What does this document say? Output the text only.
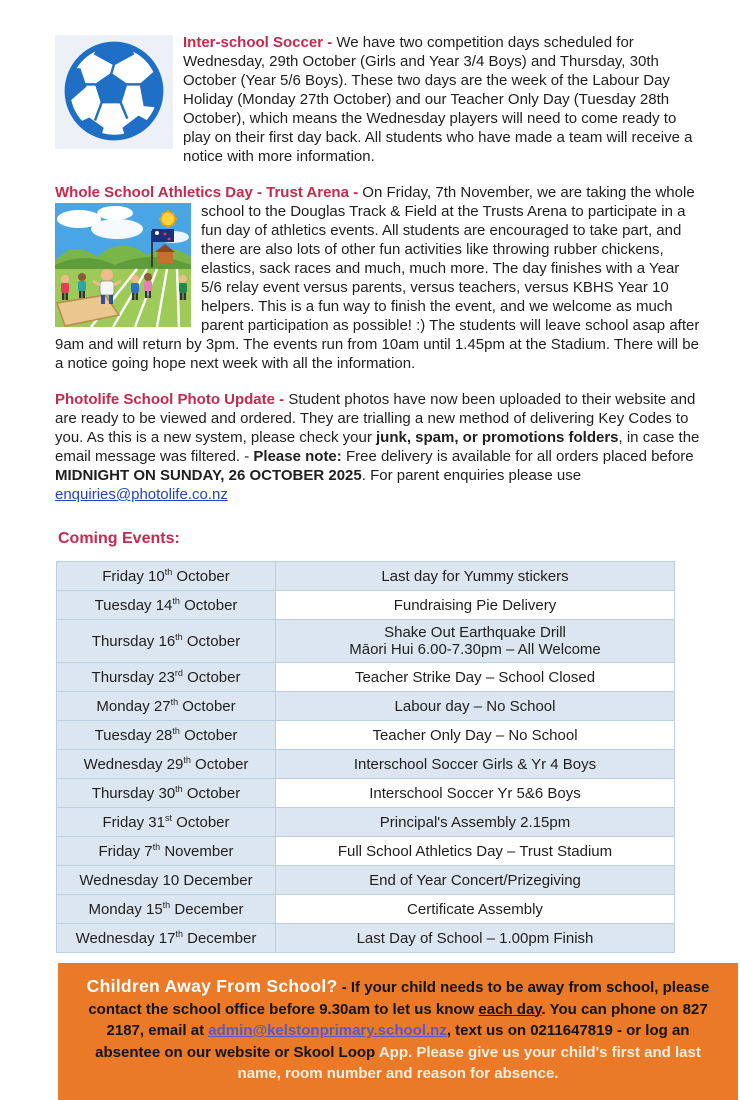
Inter-school Soccer - We have two competition days scheduled for Wednesday, 29th October (Girls and Year 3/4 Boys) and Thursday, 30th October (Year 5/6 Boys). These two days are the week of the Labour Day Holiday (Monday 27th October) and our Teacher Only Day (Tuesday 28th October), which means the Wednesday players will need to come ready to play on their first day back. All students who have made a team will receive a notice with more information.

Whole School Athletics Day - Trust Arena - On Friday, 7th November, we are taking the whole school to the Douglas Track & Field at the Trusts Arena to participate in a fun day of athletics events. All students are encouraged to take part, and there are also lots of other fun activities like throwing rubber chickens, elastics, sack races and much, much more. The day finishes with a Year 5/6 relay event versus parents, versus teachers, versus KBHS Year 10 helpers. This is a fun way to finish the event, and we welcome as much parent participation as possible! :) The students will leave school asap after 9am and will return by 3pm. The events run from 10am until 1.45pm at the Stadium. There will be a notice going hope next week with all the information.

Photolife School Photo Update - Student photos have now been uploaded to their website and are ready to be viewed and ordered. They are trialling a new method of delivering Key Codes to you. As this is a new system, please check your junk, spam, or promotions folders, in case the email message was filtered. - Please note: Free delivery is available for all orders placed before MIDNIGHT ON SUNDAY, 26 OCTOBER 2025. For parent enquiries please use enquiries@photolife.co.nz

Coming Events:
Friday 10th October	Last day for Yummy stickers
Tuesday 14th October	Fundraising Pie Delivery
Thursday 16th October	Shake Out Earthquake Drill
Māori Hui 6.00-7.30pm – All Welcome
Thursday 23rd October	Teacher Strike Day – School Closed
Monday 27th October	Labour day – No School
Tuesday 28th October	Teacher Only Day – No School
Wednesday 29th October	Interschool Soccer Girls & Yr 4 Boys
Thursday 30th October	Interschool Soccer Yr 5&6 Boys
Friday 31st October	Principal's Assembly 2.15pm
Friday 7th November	Full School Athletics Day – Trust Stadium
Wednesday 10 December	End of Year Concert/Prizegiving
Monday 15th December	Certificate Assembly
Wednesday 17th December	Last Day of School – 1.00pm Finish
Children Away From School? - If your child needs to be away from school, please contact the school office before 9.30am to let us know each day. You can phone on 827 2187, email at admin@kelstonprimary.school.nz, text us on 0211647819 - or log an absentee on our website or Skool Loop App. Please give us your child's first and last name, room number and reason for absence.
